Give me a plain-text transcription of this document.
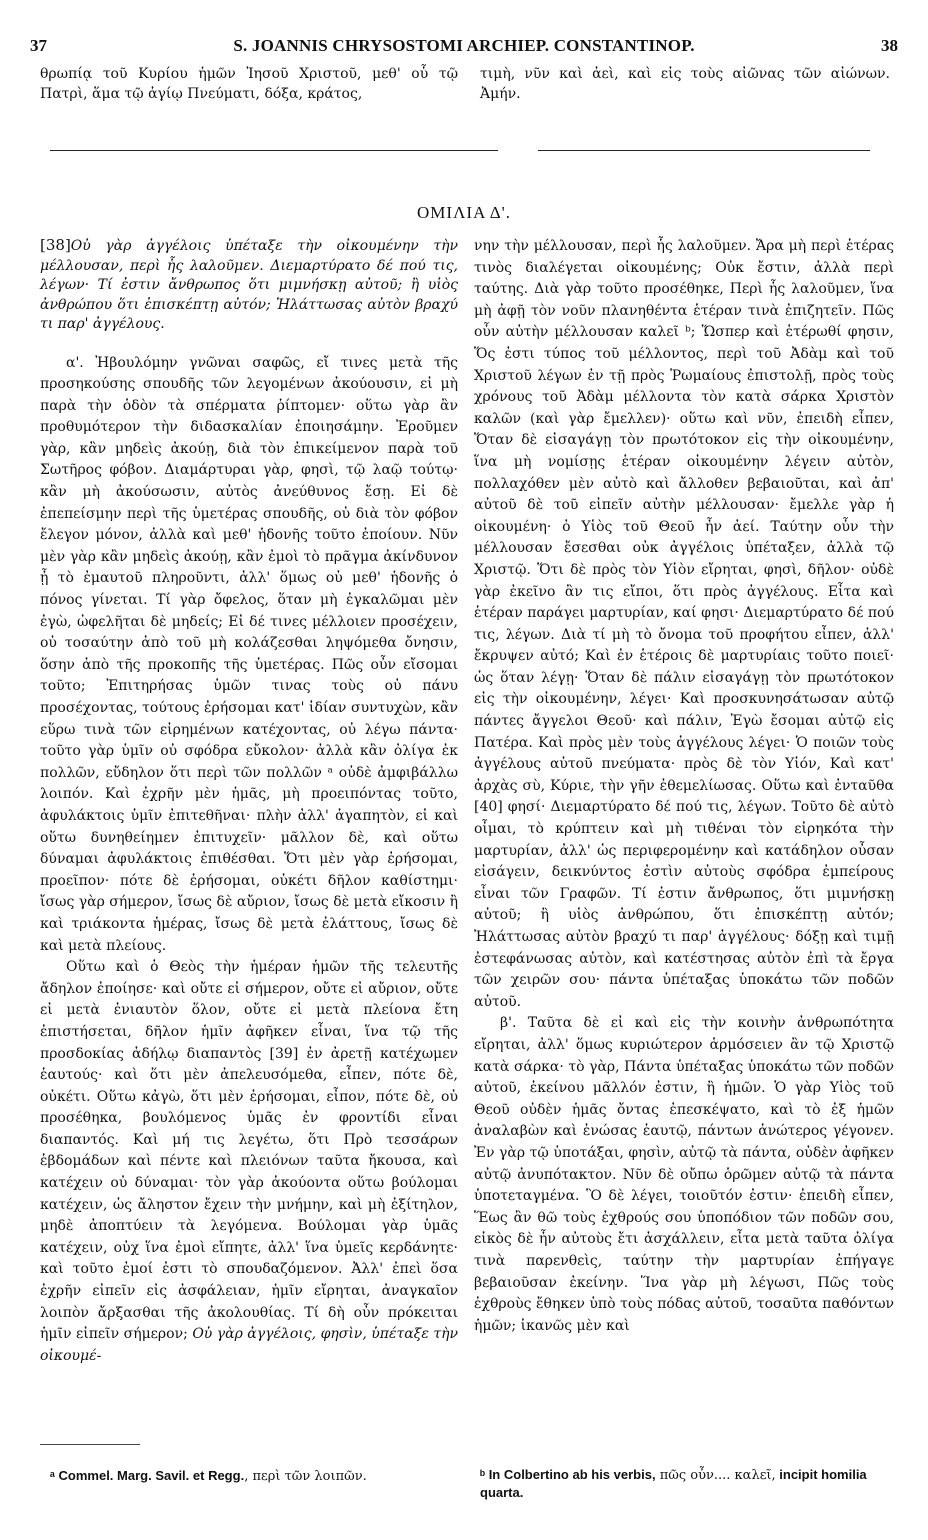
37	S. JOANNIS CHRYSOSTOMI ARCHIEP. CONSTANTINOP.	38

θρωπίᾳ τοῦ Κυρίου ἡμῶν Ἰησοῦ Χριστοῦ, μεθ' οὗ τῷ Πατρὶ, ἅμα τῷ ἁγίῳ Πνεύματι, δόξα, κράτος,

τιμὴ, νῦν καὶ ἀεὶ, καὶ εἰς τοὺς αἰῶνας τῶν αἰώνων. Ἀμήν.

ΟΜΙΛΙΑ Δ'.

[38]Οὐ γὰρ ἀγγέλοις ὑπέταξε τὴν οἰκουμένην τὴν μέλλουσαν, περὶ ἧς λαλοῦμεν. Διεμαρτύρατο δέ πού τις, λέγων· Τί ἐστιν ἄνθρωπος ὅτι μιμνήσκῃ αὐτοῦ; ἢ υἱὸς ἀνθρώπου ὅτι ἐπισκέπτῃ αὐτόν; Ἠλάττωσας αὐτὸν βραχύ τι παρ' ἀγγέλους.

α'. Ἠβουλόμην γνῶναι σαφῶς, εἴ τινες μετὰ τῆς προσηκούσης σπουδῆς τῶν λεγομένων ἀκούουσιν, εἰ μὴ παρὰ τὴν ὁδὸν τὰ σπέρματα ῥίπτομεν· οὕτω γὰρ ἂν προθυμότερον τὴν διδασκαλίαν ἐποιησάμην. Ἐροῦμεν γὰρ, κἂν μηδεὶς ἀκούῃ, διὰ τὸν ἐπικείμενον παρὰ τοῦ Σωτῆρος φόβον. Διαμάρτυραι γὰρ, φησὶ, τῷ λαῷ τούτῳ· κἂν μὴ ἀκούσωσιν, αὐτὸς ἀνεύθυνος ἔσῃ. Εἰ δὲ ἐπεπείσμην περὶ τῆς ὑμετέρας σπουδῆς, οὐ διὰ τὸν φόβον ἔλεγον μόνον, ἀλλὰ καὶ μεθ' ἡδονῆς τοῦτο ἐποίουν. Νῦν μὲν γὰρ κἂν μηδεὶς ἀκούῃ, κἂν ἐμοὶ τὸ πρᾶγμα ἀκίνδυνον ᾖ τὸ ἐμαυτοῦ πληροῦντι, ἀλλ' ὅμως οὐ μεθ' ἡδονῆς ὁ πόνος γίνεται. Τί γὰρ ὄφελος, ὅταν μὴ ἐγκαλῶμαι μὲν ἐγὼ, ὠφελῆται δὲ μηδείς; Εἰ δέ τινες μέλλοιεν προσέχειν, οὐ τοσαύτην ἀπὸ τοῦ μὴ κολάζεσθαι ληψόμεθα ὄνησιν, ὅσην ἀπὸ τῆς προκοπῆς τῆς ὑμετέρας. Πῶς οὖν εἴσομαι τοῦτο; Ἐπιτηρήσας ὑμῶν τινας τοὺς οὐ πάνυ προσέχοντας, τούτους ἐρήσομαι κατ' ἰδίαν συντυχὼν, κἂν εὕρω τινὰ τῶν εἰρημένων κατέχοντας, οὐ λέγω πάντα· τοῦτο γὰρ ὑμῖν οὐ σφόδρα εὔκολον· ἀλλὰ κἂν ὀλίγα ἐκ πολλῶν, εὔδηλον ὅτι περὶ τῶν πολλῶν ᵃ οὐδὲ ἀμφιβάλλω λοιπόν. Καὶ ἐχρῆν μὲν ἡμᾶς, μὴ προειπόντας τοῦτο, ἀφυλάκτοις ὑμῖν ἐπιτεθῆναι· πλὴν ἀλλ' ἀγαπητὸν, εἰ καὶ οὕτω δυνηθείημεν ἐπιτυχεῖν· μᾶλλον δὲ, καὶ οὕτω δύναμαι ἀφυλάκτοις ἐπιθέσθαι. Ὅτι μὲν γὰρ ἐρήσομαι, προεῖπον· πότε δὲ ἐρήσομαι, οὐκέτι δῆλον καθίστημι· ἴσως γὰρ σήμερον, ἴσως δὲ αὔριον, ἴσως δὲ μετὰ εἴκοσιν ἢ καὶ τριάκοντα ἡμέρας, ἴσως δὲ μετὰ ἐλάττους, ἴσως δὲ καὶ μετὰ πλείους.

Οὕτω καὶ ὁ Θεὸς τὴν ἡμέραν ἡμῶν τῆς τελευτῆς ἄδηλον ἐποίησε· καὶ οὔτε εἰ σήμερον, οὔτε εἰ αὔριον, οὔτε εἰ μετὰ ἐνιαυτὸν ὅλον, οὔτε εἰ μετὰ πλείονα ἔτη ἐπιστήσεται, δῆλον ἡμῖν ἀφῆκεν εἶναι, ἵνα τῷ τῆς προσδοκίας ἀδήλῳ διαπαντὸς [39] ἐν ἀρετῇ κατέχωμεν ἑαυτούς· καὶ ὅτι μὲν ἀπελευσόμεθα, εἶπεν, πότε δὲ, οὐκέτι. Οὕτω κἀγὼ, ὅτι μὲν ἐρήσομαι, εἶπον, πότε δὲ, οὐ προσέθηκα, βουλόμενος ὑμᾶς ἐν φροντίδι εἶναι διαπαντός. Καὶ μή τις λεγέτω, ὅτι Πρὸ τεσσάρων ἑβδομάδων καὶ πέντε καὶ πλειόνων ταῦτα ἤκουσα, καὶ κατέχειν οὐ δύναμαι· τὸν γὰρ ἀκούοντα οὕτω βούλομαι κατέχειν, ὡς ἄληστον ἔχειν τὴν μνήμην, καὶ μὴ ἐξίτηλον, μηδὲ ἀποπτύειν τὰ λεγόμενα. Βούλομαι γὰρ ὑμᾶς κατέχειν, οὐχ ἵνα ἐμοὶ εἴπητε, ἀλλ' ἵνα ὑμεῖς κερδάνητε· καὶ τοῦτο ἐμοί ἐστι τὸ σπουδαζόμενον. Ἀλλ' ἐπεὶ ὅσα ἐχρῆν εἰπεῖν εἰς ἀσφάλειαν, ἡμῖν εἴρηται, ἀναγκαῖον λοιπὸν ἄρξασθαι τῆς ἀκολουθίας. Τί δὴ οὖν πρόκειται ἡμῖν εἰπεῖν σήμερον; Οὐ γὰρ ἀγγέλοις, φησὶν, ὑπέταξε τὴν οἰκουμέ-

νην τὴν μέλλουσαν, περὶ ἧς λαλοῦμεν. Ἄρα μὴ περὶ ἑτέρας τινὸς διαλέγεται οἰκουμένης; Οὐκ ἔστιν, ἀλλὰ περὶ ταύτης. Διὰ γὰρ τοῦτο προσέθηκε, Περὶ ἧς λαλοῦμεν, ἵνα μὴ ἀφῇ τὸν νοῦν πλανηθέντα ἑτέραν τινὰ ἐπιζητεῖν. Πῶς οὖν αὐτὴν μέλλουσαν καλεῖ ᵇ; Ὥσπερ καὶ ἑτέρωθί φησιν, Ὅς ἐστι τύπος τοῦ μέλλοντος, περὶ τοῦ Ἀδὰμ καὶ τοῦ Χριστοῦ λέγων ἐν τῇ πρὸς Ῥωμαίους ἐπιστολῇ, πρὸς τοὺς χρόνους τοῦ Ἀδὰμ μέλλοντα τὸν κατὰ σάρκα Χριστὸν καλῶν (καὶ γὰρ ἔμελλεν)· οὕτω καὶ νῦν, ἐπειδὴ εἶπεν, Ὅταν δὲ εἰσαγάγῃ τὸν πρωτότοκον εἰς τὴν οἰκουμένην, ἵνα μὴ νομίσῃς ἑτέραν οἰκουμένην λέγειν αὐτὸν, πολλαχόθεν μὲν αὐτὸ καὶ ἄλλοθεν βεβαιοῦται, καὶ ἀπ' αὐτοῦ δὲ τοῦ εἰπεῖν αὐτὴν μέλλουσαν· ἔμελλε γὰρ ἡ οἰκουμένη· ὁ Υἱὸς τοῦ Θεοῦ ἦν ἀεί. Ταύτην οὖν τὴν μέλλουσαν ἔσεσθαι οὐκ ἀγγέλοις ὑπέταξεν, ἀλλὰ τῷ Χριστῷ. Ὅτι δὲ πρὸς τὸν Υἱὸν εἴρηται, φησὶ, δῆλον· οὐδὲ γὰρ ἐκεῖνο ἂν τις εἴποι, ὅτι πρὸς ἀγγέλους. Εἶτα καὶ ἑτέραν παράγει μαρτυρίαν, καί φησι· Διεμαρτύρατο δέ πού τις, λέγων. Διὰ τί μὴ τὸ ὄνομα τοῦ προφήτου εἶπεν, ἀλλ' ἔκρυψεν αὐτό; Καὶ ἐν ἑτέροις δὲ μαρτυρίαις τοῦτο ποιεῖ· ὡς ὅταν λέγῃ· Ὅταν δὲ πάλιν εἰσαγάγῃ τὸν πρωτότοκον εἰς τὴν οἰκουμένην, λέγει· Καὶ προσκυνησάτωσαν αὐτῷ πάντες ἄγγελοι Θεοῦ· καὶ πάλιν, Ἐγὼ ἔσομαι αὐτῷ εἰς Πατέρα. Καὶ πρὸς μὲν τοὺς ἀγγέλους λέγει· Ὁ ποιῶν τοὺς ἀγγέλους αὐτοῦ πνεύματα· πρὸς δὲ τὸν Υἱόν, Καὶ κατ' ἀρχὰς σὺ, Κύριε, τὴν γῆν ἐθεμελίωσας. Οὕτω καὶ ἐνταῦθα [40] φησί· Διεμαρτύρατο δέ πού τις, λέγων. Τοῦτο δὲ αὐτὸ οἶμαι, τὸ κρύπτειν καὶ μὴ τιθέναι τὸν εἰρηκότα τὴν μαρτυρίαν, ἀλλ' ὡς περιφερομένην καὶ κατάδηλον οὖσαν εἰσάγειν, δεικνύντος ἐστὶν αὐτοὺς σφόδρα ἐμπείρους εἶναι τῶν Γραφῶν. Τί ἐστιν ἄνθρωπος, ὅτι μιμνήσκῃ αὐτοῦ; ἢ υἱὸς ἀνθρώπου, ὅτι ἐπισκέπτῃ αὐτόν; Ἠλάττωσας αὐτὸν βραχύ τι παρ' ἀγγέλους· δόξῃ καὶ τιμῇ ἐστεφάνωσας αὐτὸν, καὶ κατέστησας αὐτὸν ἐπὶ τὰ ἔργα τῶν χειρῶν σου· πάντα ὑπέταξας ὑποκάτω τῶν ποδῶν αὐτοῦ.

β'. Ταῦτα δὲ εἰ καὶ εἰς τὴν κοινὴν ἀνθρωπότητα εἴρηται, ἀλλ' ὅμως κυριώτερον ἁρμόσειεν ἂν τῷ Χριστῷ κατὰ σάρκα· τὸ γὰρ, Πάντα ὑπέταξας ὑποκάτω τῶν ποδῶν αὐτοῦ, ἐκείνου μᾶλλόν ἐστιν, ἢ ἡμῶν. Ὁ γὰρ Υἱὸς τοῦ Θεοῦ οὐδὲν ἡμᾶς ὄντας ἐπεσκέψατο, καὶ τὸ ἐξ ἡμῶν ἀναλαβὼν καὶ ἑνώσας ἑαυτῷ, πάντων ἀνώτερος γέγονεν. Ἐν γὰρ τῷ ὑποτάξαι, φησὶν, αὐτῷ τὰ πάντα, οὐδὲν ἀφῆκεν αὐτῷ ἀνυπότακτον. Νῦν δὲ οὔπω ὁρῶμεν αὐτῷ τὰ πάντα ὑποτεταγμένα. Ὃ δὲ λέγει, τοιοῦτόν ἐστιν· ἐπειδὴ εἶπεν, Ἕως ἂν θῶ τοὺς ἐχθρούς σου ὑποπόδιον τῶν ποδῶν σου, εἰκὸς δὲ ἦν αὐτοὺς ἔτι ἀσχάλλειν, εἶτα μετὰ ταῦτα ὀλίγα τινὰ παρενθεὶς, ταύτην τὴν μαρτυρίαν ἐπήγαγε βεβαιοῦσαν ἐκείνην. Ἵνα γὰρ μὴ λέγωσι, Πῶς τοὺς ἐχθροὺς ἔθηκεν ὑπὸ τοὺς πόδας αὐτοῦ, τοσαῦτα παθόντων ἡμῶν; ἱκανῶς μὲν καὶ

ᵃ Commel. Marg. Savil. et Regg., περὶ τῶν λοιπῶν.	ᵇ In Colbertino ab his verbis, πῶς οὖν.... καλεῖ, incipit homilia quarta.
